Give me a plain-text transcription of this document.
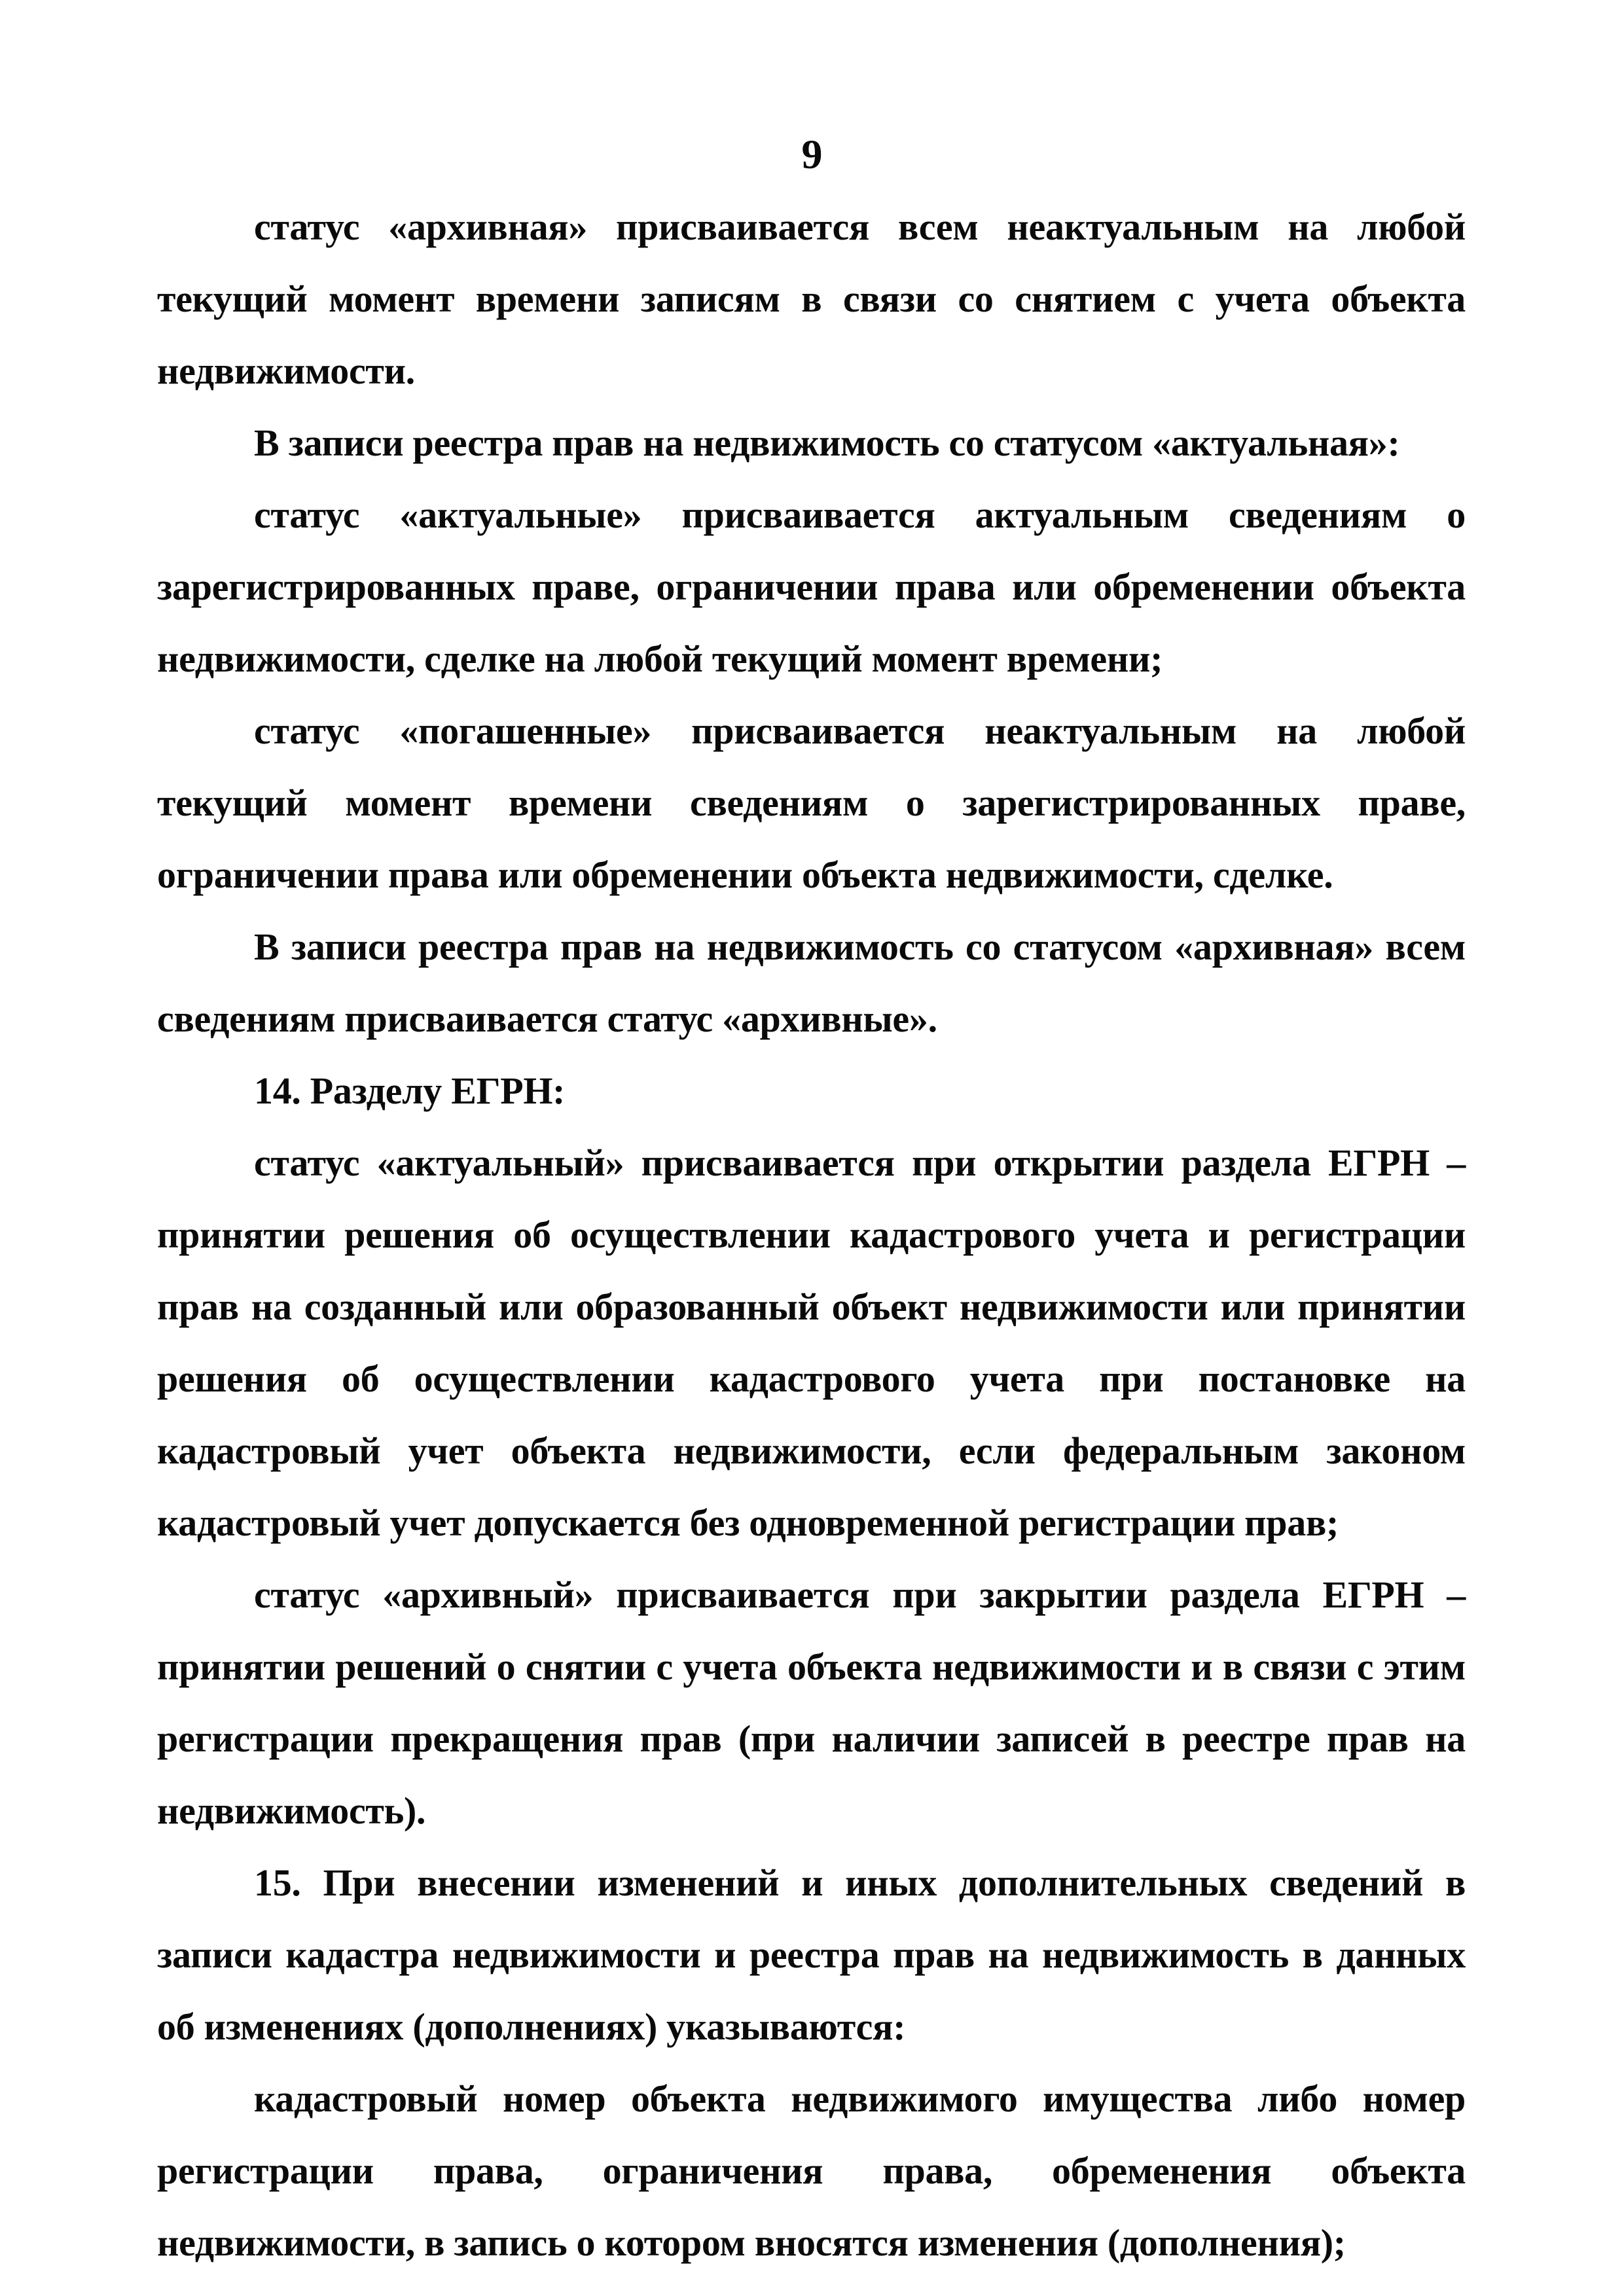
9

статус «архивная» присваивается всем неактуальным на любой текущий момент времени записям в связи со снятием с учета объекта недвижимости.

В записи реестра прав на недвижимость со статусом «актуальная»:

статус «актуальные» присваивается актуальным сведениям о зарегистрированных праве, ограничении права или обременении объекта недвижимости, сделке на любой текущий момент времени;

статус «погашенные» присваивается неактуальным на любой текущий момент времени сведениям о зарегистрированных праве, ограничении права или обременении объекта недвижимости, сделке.

В записи реестра прав на недвижимость со статусом «архивная» всем сведениям присваивается статус «архивные».

14. Разделу ЕГРН:

статус «актуальный» присваивается при открытии раздела ЕГРН – принятии решения об осуществлении кадастрового учета и регистрации прав на созданный или образованный объект недвижимости или принятии решения об осуществлении кадастрового учета при постановке на кадастровый учет объекта недвижимости, если федеральным законом кадастровый учет допускается без одновременной регистрации прав;

статус «архивный» присваивается при закрытии раздела ЕГРН – принятии решений о снятии с учета объекта недвижимости и в связи с этим регистрации прекращения прав (при наличии записей в реестре прав на недвижимость).

15. При внесении изменений и иных дополнительных сведений в записи кадастра недвижимости и реестра прав на недвижимость в данных об изменениях (дополнениях) указываются:

кадастровый номер объекта недвижимого имущества либо номер регистрации права, ограничения права, обременения объекта недвижимости, в запись о котором вносятся изменения (дополнения);
